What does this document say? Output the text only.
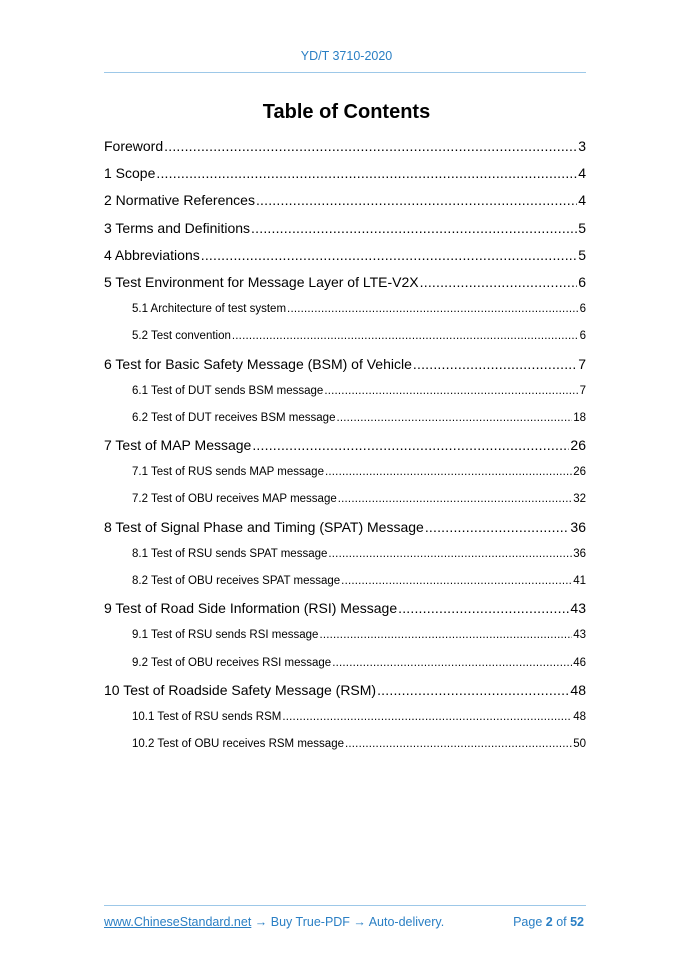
YD/T 3710-2020
Table of Contents
Foreword .....	3
1 Scope .....	4
2 Normative References .....	4
3 Terms and Definitions .....	5
4 Abbreviations .....	5
5 Test Environment for Message Layer of LTE-V2X .....	6
5.1 Architecture of test system .....	6
5.2 Test convention .....	6
6 Test for Basic Safety Message (BSM) of Vehicle .....	7
6.1 Test of DUT sends BSM message .....	7
6.2 Test of DUT receives BSM message .....	18
7 Test of MAP Message .....	26
7.1 Test of RUS sends MAP message .....	26
7.2 Test of OBU receives MAP message .....	32
8 Test of Signal Phase and Timing (SPAT) Message .....	36
8.1 Test of RSU sends SPAT message .....	36
8.2 Test of OBU receives SPAT message .....	41
9 Test of Road Side Information (RSI) Message .....	43
9.1 Test of RSU sends RSI message .....	43
9.2 Test of OBU receives RSI message .....	46
10 Test of Roadside Safety Message (RSM) .....	48
10.1 Test of RSU sends RSM .....	48
10.2 Test of OBU receives RSM message .....	50
www.ChineseStandard.net → Buy True-PDF → Auto-delivery.	Page 2 of 52
